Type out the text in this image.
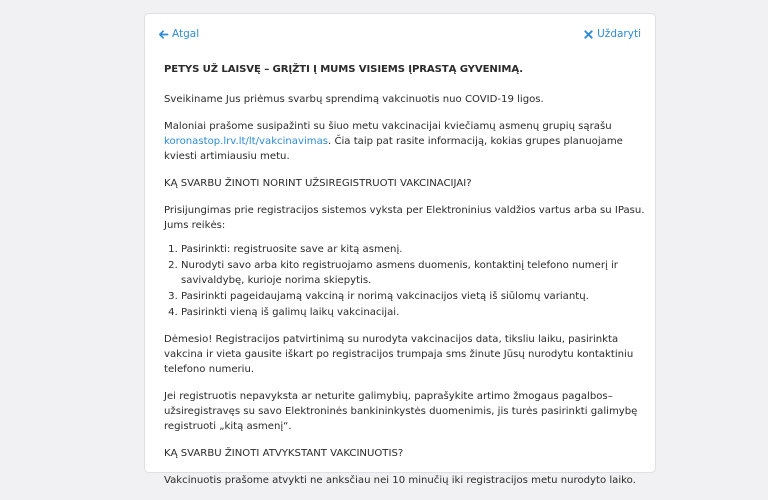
Atgal	Uždaryti
PETYS UŽ LAISVĘ – GRĮŽTI Į MUMS VISIEMS ĮPRASTĄ GYVENIMĄ.
Sveikiname Jus priėmus svarbų sprendimą vakcinuotis nuo COVID-19 ligos.
Maloniai prašome susipažinti su šiuo metu vakcinacijai kviečiamų asmenų grupių sąrašu koronastop.lrv.lt/lt/vakcinavimas. Čia taip pat rasite informaciją, kokias grupes planuojame kviesti artimiausiu metu.
KĄ SVARBU ŽINOTI NORINT UŽSIREGISTRUOTI VAKCINACIJAI?
Prisijungimas prie registracijos sistemos vyksta per Elektroninius valdžios vartus arba su IPasu. Jums reikės:
1. Pasirinkti: registruosite save ar kitą asmenį.
2. Nurodyti savo arba kito registruojamo asmens duomenis, kontaktinį telefono numerį ir savivaldybę, kurioje norima skiepytis.
3. Pasirinkti pageidaujamą vakciną ir norimą vakcinacijos vietą iš siūlomų variantų.
4. Pasirinkti vieną iš galimų laikų vakcinacijai.
Dėmesio! Registracijos patvirtinimą su nurodyta vakcinacijos data, tiksliu laiku, pasirinkta vakcina ir vieta gausite iškart po registracijos trumpaja sms žinute Jūsų nurodytu kontaktiniu telefono numeriu.
Jei registruotis nepavyksta ar neturite galimybių, paprašykite artimo žmogaus pagalbos– užsiregistravęs su savo Elektroninės bankininkystės duomenimis, jis turės pasirinkti galimybę registruoti „kitą asmenį“.
KĄ SVARBU ŽINOTI ATVYKSTANT VAKCINUOTIS?
Vakcinuotis prašome atvykti ne anksčiau nei 10 minučių iki registracijos metu nurodyto laiko.
